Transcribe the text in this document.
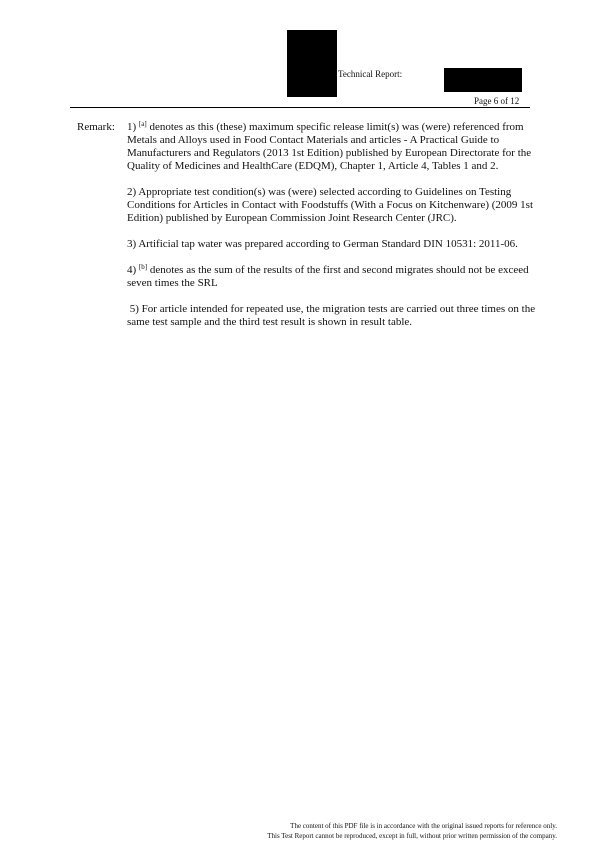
Technical Report:
Page 6 of 12
Remark: 1) [a] denotes as this (these) maximum specific release limit(s) was (were) referenced from Metals and Alloys used in Food Contact Materials and articles - A Practical Guide to Manufacturers and Regulators (2013 1st Edition) published by European Directorate for the Quality of Medicines and HealthCare (EDQM), Chapter 1, Article 4, Tables 1 and 2.

2) Appropriate test condition(s) was (were) selected according to Guidelines on Testing Conditions for Articles in Contact with Foodstuffs (With a Focus on Kitchenware) (2009 1st Edition) published by European Commission Joint Research Center (JRC).

3) Artificial tap water was prepared according to German Standard DIN 10531: 2011-06.

4) [b] denotes as the sum of the results of the first and second migrates should not be exceed seven times the SRL

5) For article intended for repeated use, the migration tests are carried out three times on the same test sample and the third test result is shown in result table.

The content of this PDF file is in accordance with the original issued reports for reference only.
This Test Report cannot be reproduced, except in full, without prior written permission of the company.
